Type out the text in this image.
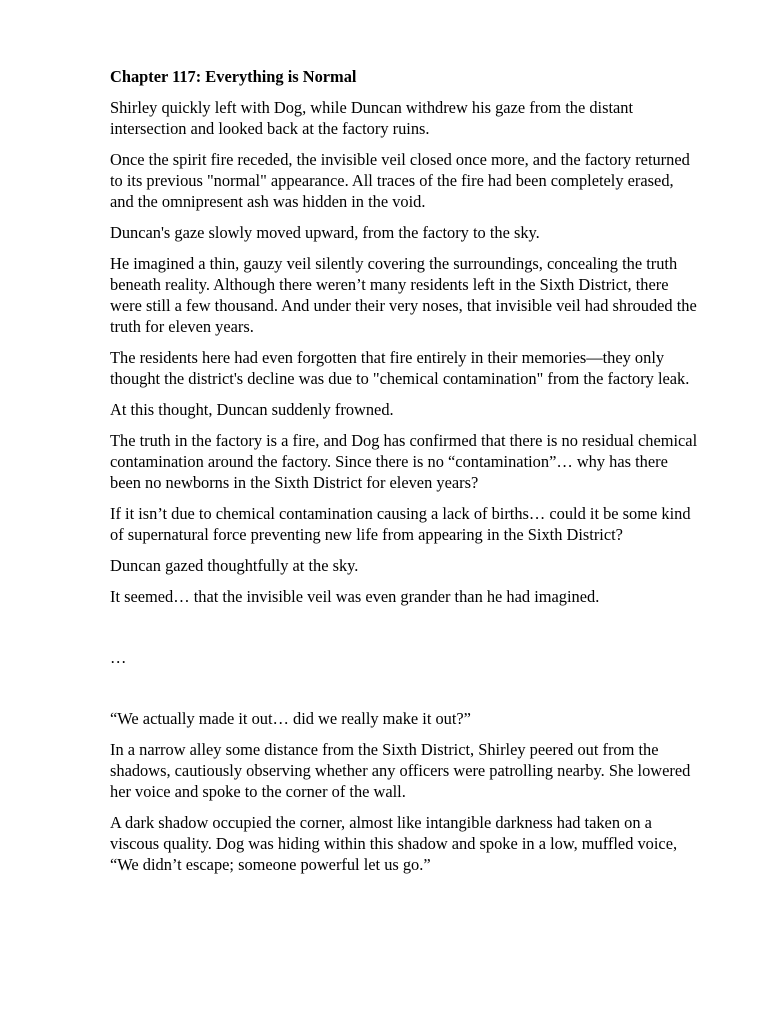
Chapter 117: Everything is Normal

Shirley quickly left with Dog, while Duncan withdrew his gaze from the distant intersection and looked back at the factory ruins.

Once the spirit fire receded, the invisible veil closed once more, and the factory returned to its previous "normal" appearance. All traces of the fire had been completely erased, and the omnipresent ash was hidden in the void.

Duncan's gaze slowly moved upward, from the factory to the sky.

He imagined a thin, gauzy veil silently covering the surroundings, concealing the truth beneath reality. Although there weren’t many residents left in the Sixth District, there were still a few thousand. And under their very noses, that invisible veil had shrouded the truth for eleven years.

The residents here had even forgotten that fire entirely in their memories—they only thought the district's decline was due to "chemical contamination" from the factory leak.

At this thought, Duncan suddenly frowned.

The truth in the factory is a fire, and Dog has confirmed that there is no residual chemical contamination around the factory. Since there is no “contamination”… why has there been no newborns in the Sixth District for eleven years?

If it isn’t due to chemical contamination causing a lack of births… could it be some kind of supernatural force preventing new life from appearing in the Sixth District?

Duncan gazed thoughtfully at the sky.

It seemed… that the invisible veil was even grander than he had imagined.

…

“We actually made it out… did we really make it out?”

In a narrow alley some distance from the Sixth District, Shirley peered out from the shadows, cautiously observing whether any officers were patrolling nearby. She lowered her voice and spoke to the corner of the wall.

A dark shadow occupied the corner, almost like intangible darkness had taken on a viscous quality. Dog was hiding within this shadow and spoke in a low, muffled voice, “We didn’t escape; someone powerful let us go.”
